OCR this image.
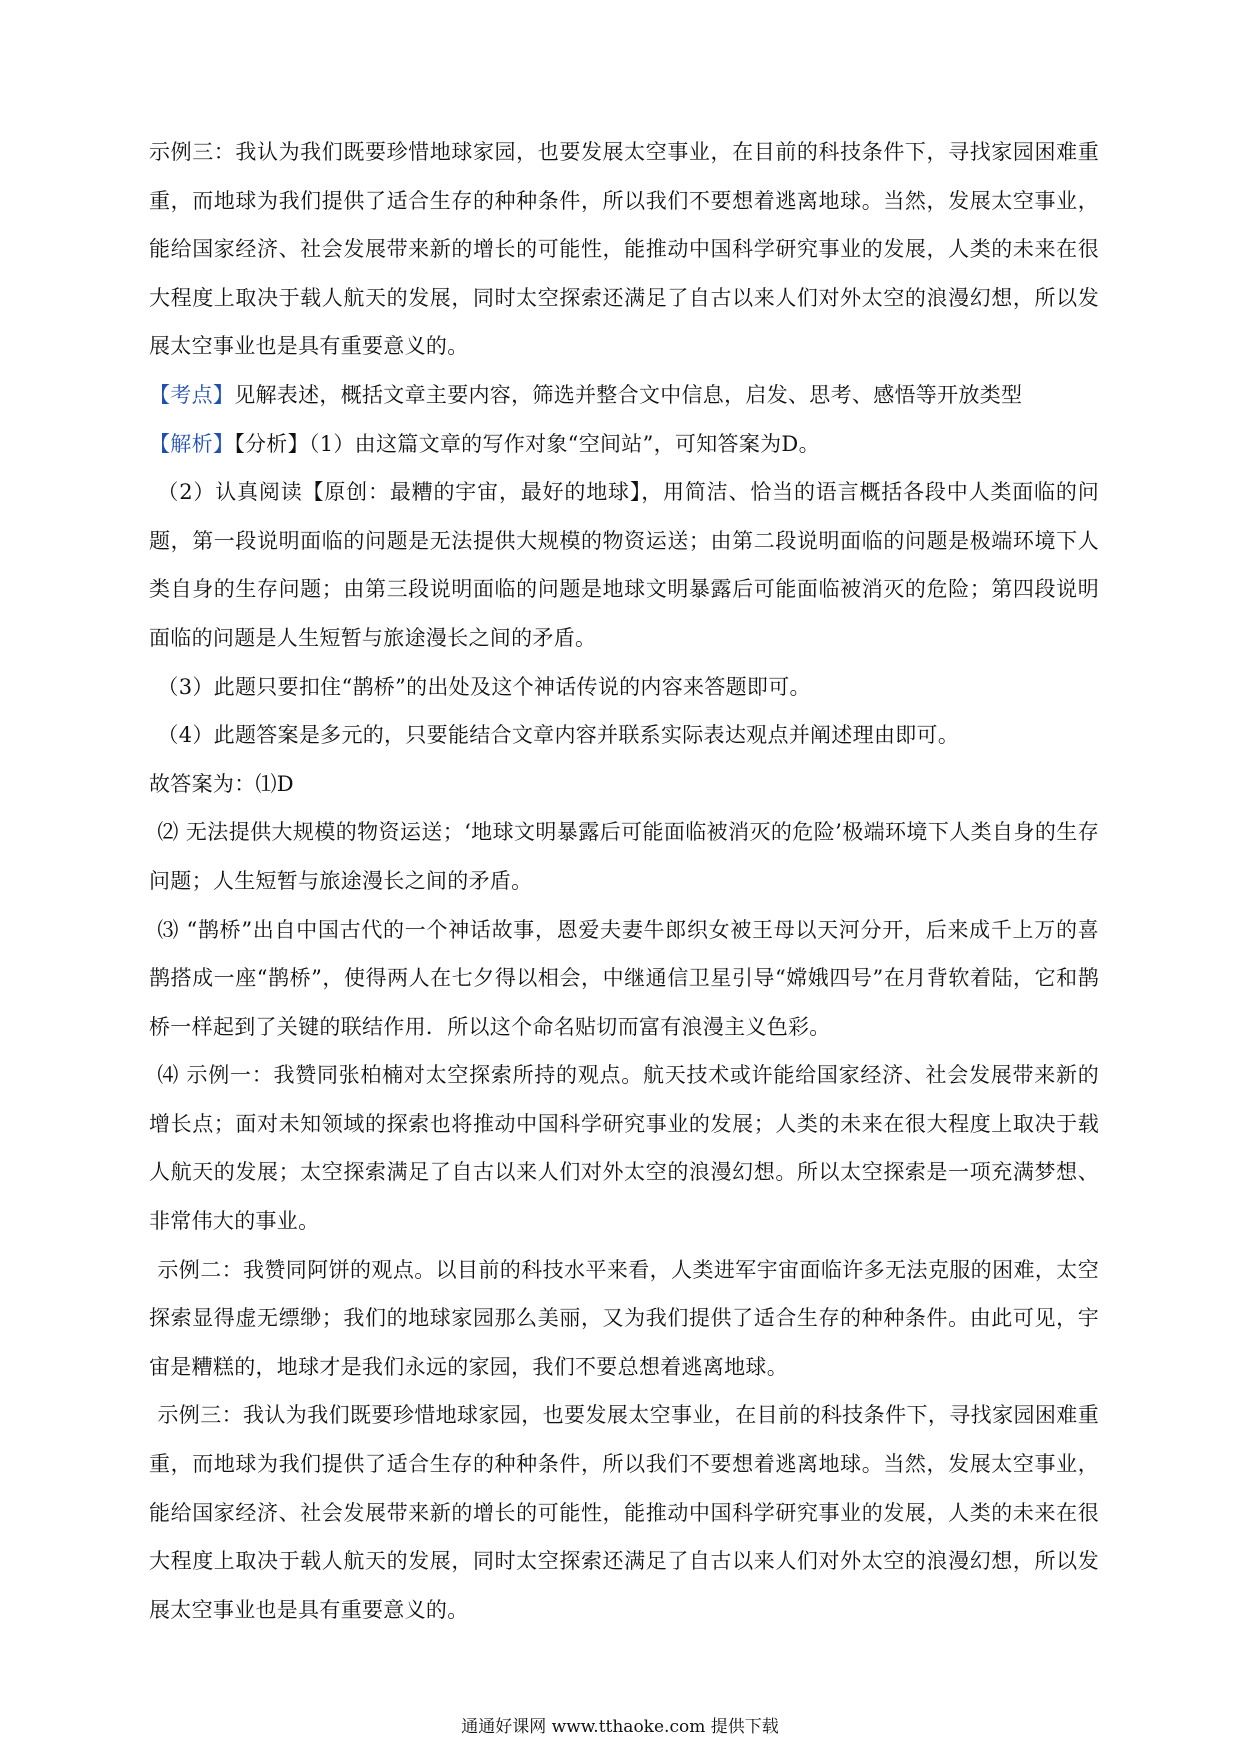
示例三：我认为我们既要珍惜地球家园，也要发展太空事业，在目前的科技条件下，寻找家园困难重重，而地球为我们提供了适合生存的种种条件，所以我们不要想着逃离地球。当然，发展太空事业，能给国家经济、社会发展带来新的增长的可能性，能推动中国科学研究事业的发展，人类的未来在很大程度上取决于载人航天的发展，同时太空探索还满足了自古以来人们对外太空的浪漫幻想，所以发展太空事业也是具有重要意义的。

【考点】见解表述，概括文章主要内容，筛选并整合文中信息，启发、思考、感悟等开放类型

【解析】【分析】（1）由这篇文章的写作对象“空间站”，可知答案为D。

（2）认真阅读【原创：最糟的宇宙，最好的地球】，用简洁、恰当的语言概括各段中人类面临的问题，第一段说明面临的问题是无法提供大规模的物资运送；由第二段说明面临的问题是极端环境下人类自身的生存问题；由第三段说明面临的问题是地球文明暴露后可能面临被消灭的危险；第四段说明面临的问题是人生短暂与旅途漫长之间的矛盾。

（3）此题只要扣住“鹊桥”的出处及这个神话传说的内容来答题即可。

（4）此题答案是多元的，只要能结合文章内容并联系实际表达观点并阐述理由即可。

故答案为：⑴D

⑵ 无法提供大规模的物资运送；‘地球文明暴露后可能面临被消灭的危险’极端环境下人类自身的生存问题；人生短暂与旅途漫长之间的矛盾。

⑶ “鹊桥”出自中国古代的一个神话故事，恩爱夫妻牛郎织女被王母以天河分开，后来成千上万的喜鹊搭成一座“鹊桥”，使得两人在七夕得以相会，中继通信卫星引导“嫦娥四号”在月背软着陆，它和鹊桥一样起到了关键的联结作用．所以这个命名贴切而富有浪漫主义色彩。

⑷ 示例一：我赞同张柏楠对太空探索所持的观点。航天技术或许能给国家经济、社会发展带来新的增长点；面对未知领域的探索也将推动中国科学研究事业的发展；人类的未来在很大程度上取决于载人航天的发展；太空探索满足了自古以来人们对外太空的浪漫幻想。所以太空探索是一项充满梦想、非常伟大的事业。

示例二：我赞同阿饼的观点。以目前的科技水平来看，人类进军宇宙面临许多无法克服的困难，太空探索显得虚无缥缈；我们的地球家园那么美丽，又为我们提供了适合生存的种种条件。由此可见，宇宙是糟糕的，地球才是我们永远的家园，我们不要总想着逃离地球。

示例三：我认为我们既要珍惜地球家园，也要发展太空事业，在目前的科技条件下，寻找家园困难重重，而地球为我们提供了适合生存的种种条件，所以我们不要想着逃离地球。当然，发展太空事业，能给国家经济、社会发展带来新的增长的可能性，能推动中国科学研究事业的发展，人类的未来在很大程度上取决于载人航天的发展，同时太空探索还满足了自古以来人们对外太空的浪漫幻想，所以发展太空事业也是具有重要意义的。

通通好课网 www.tthaoke.com 提供下载
